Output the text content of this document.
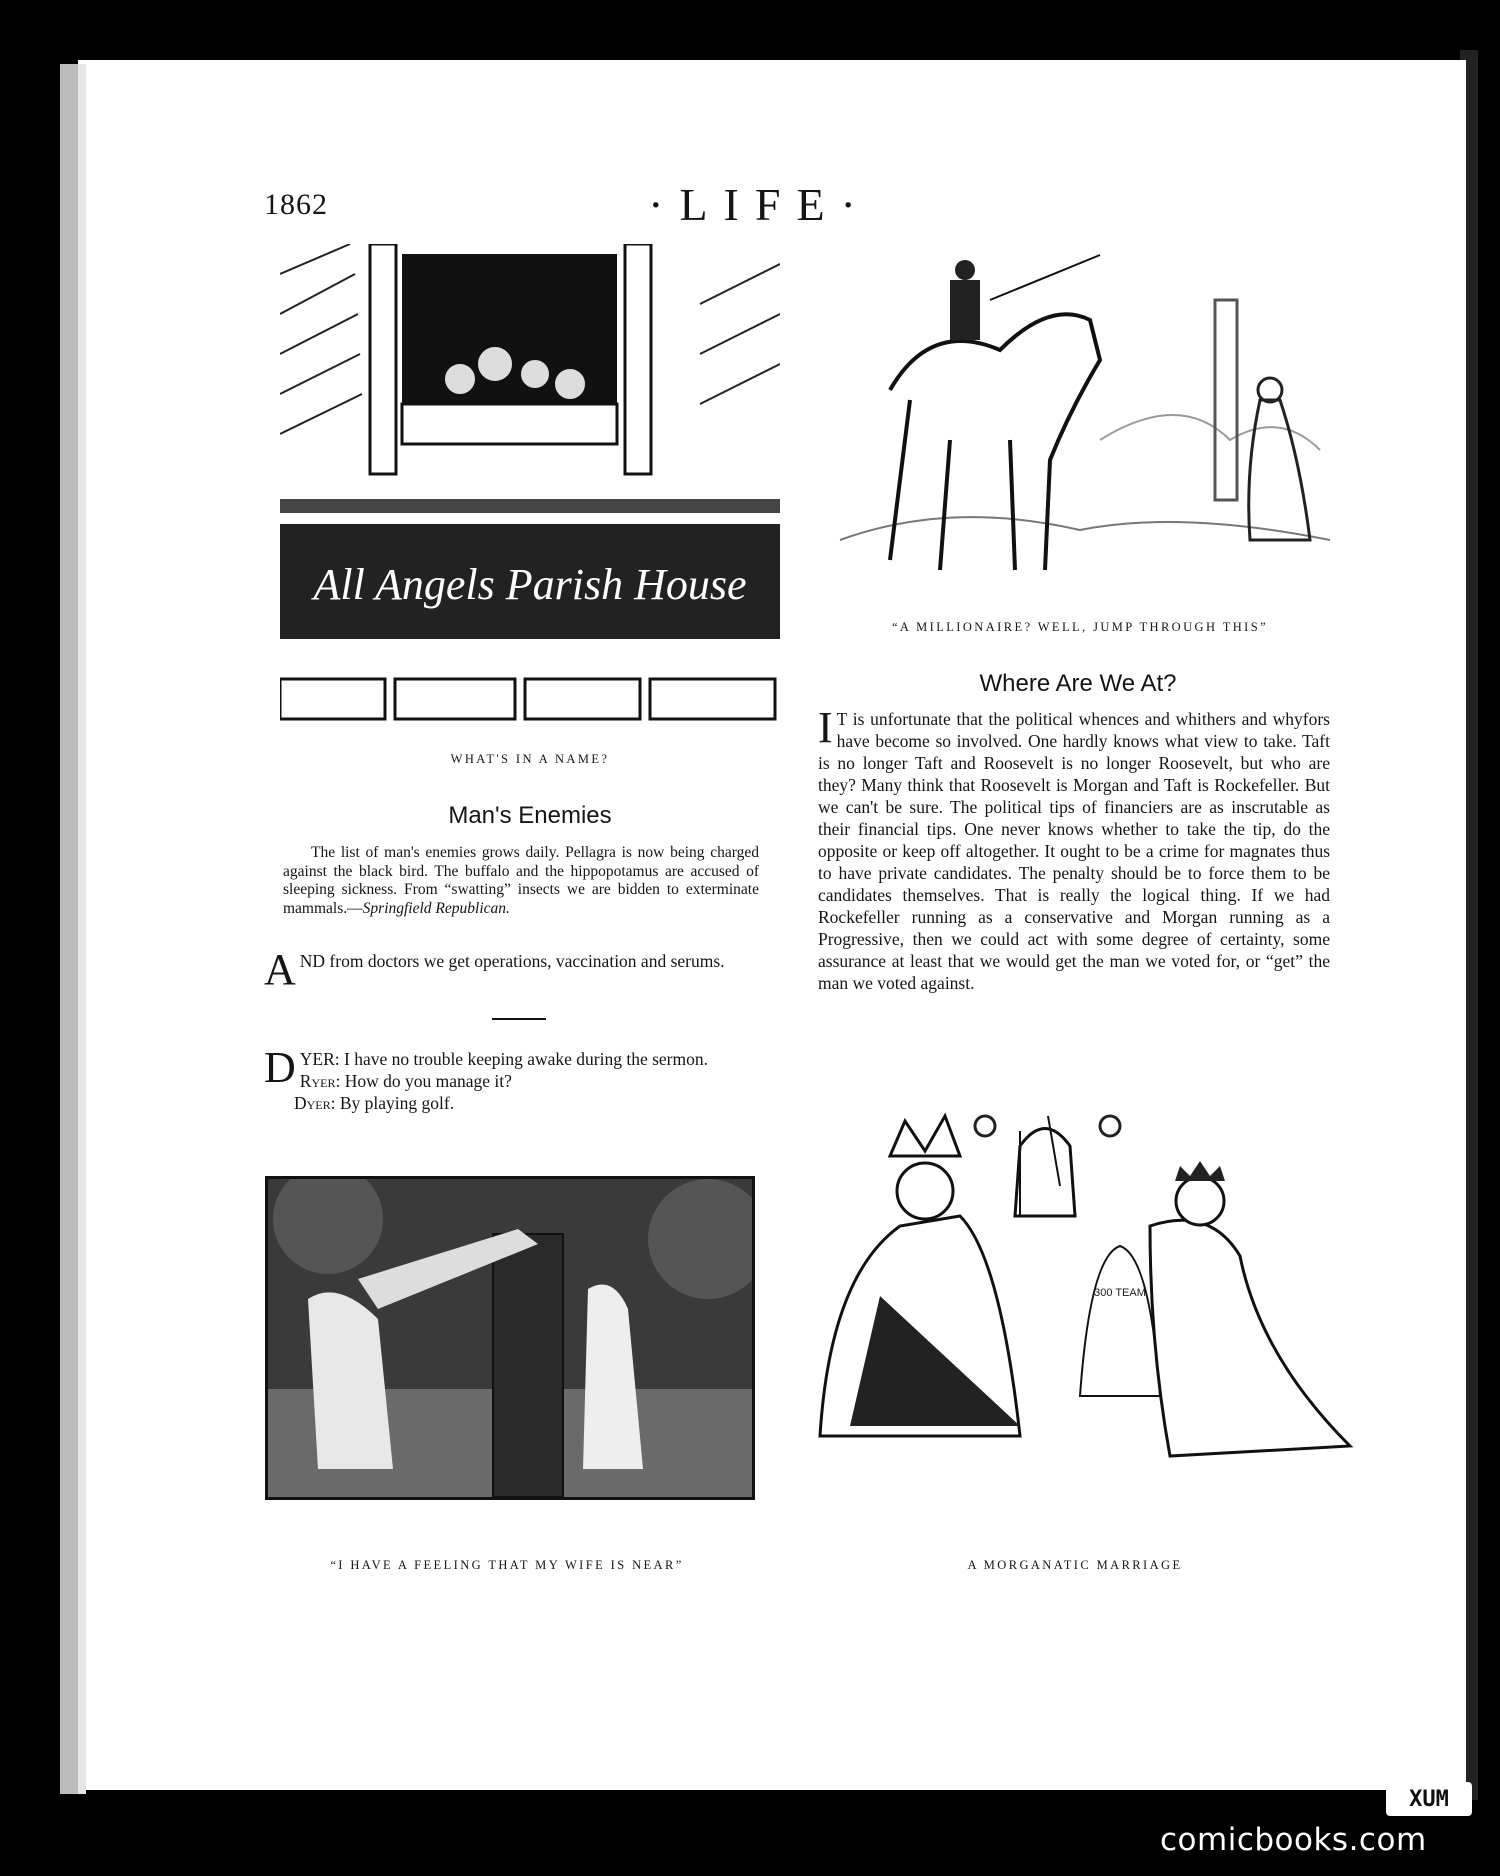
1862	·LIFE·
All Angels Parish House
WHAT'S IN A NAME?
“A MILLIONAIRE? WELL, JUMP THROUGH THIS”
Man's Enemies
The list of man's enemies grows daily. Pellagra is now being charged against the black bird. The buffalo and the hippopotamus are accused of sleeping sickness. From “swatting” insects we are bidden to exterminate mammals.—Springfield Republican.
AND from doctors we get operations, vaccination and serums.

DYER: I have no trouble keeping awake during the sermon.

Ryer: How do you manage it?
Dyer: By playing golf.
Where Are We At?
I T is unfortunate that the political whences and whithers and whyfors have become so involved. One hardly knows what view to take. Taft is no longer Taft and Roosevelt is no longer Roosevelt, but who are they? Many think that Roosevelt is Morgan and Taft is Rockefeller. But we can't be sure. The political tips of financiers are as inscrutable as their financial tips. One never knows whether to take the tip, do the opposite or keep off altogether. It ought to be a crime for magnates thus to have private candidates. The penalty should be to force them to be candidates themselves. That is really the logical thing. If we had Rockefeller running as a conservative and Morgan running as a Progressive, then we could act with some degree of certainty, some assurance at least that we would get the man we voted for, or “get” the man we voted against.
“I HAVE A FEELING THAT MY WIFE IS NEAR”
300 TEAM
A MORGANATIC MARRIAGE
XUM
comicbooks.com
